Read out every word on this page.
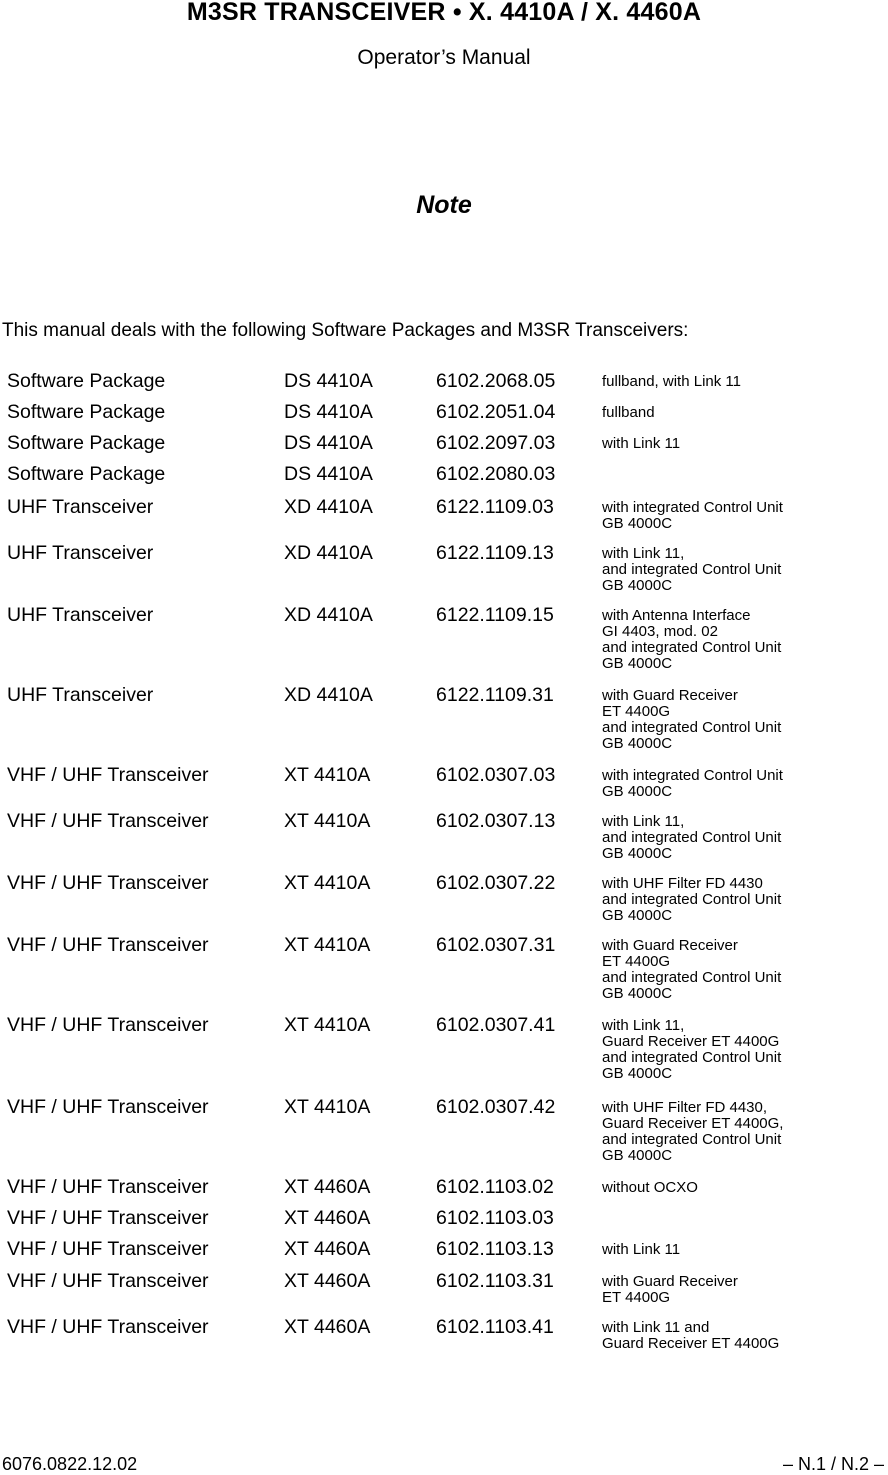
M3SR TRANSCEIVER • X. 4410A / X. 4460A
Operator’s Manual
Note
This manual deals with the following Software Packages and M3SR Transceivers:
Software Package	DS 4410A	6102.2068.05	fullband, with Link 11
Software Package	DS 4410A	6102.2051.04	fullband
Software Package	DS 4410A	6102.2097.03	with Link 11
Software Package	DS 4410A	6102.2080.03
UHF Transceiver	XD 4410A	6122.1109.03	with integrated Control Unit
GB 4000C
UHF Transceiver	XD 4410A	6122.1109.13	with Link 11,
and integrated Control Unit
GB 4000C
UHF Transceiver	XD 4410A	6122.1109.15	with Antenna Interface
GI 4403, mod. 02
and integrated Control Unit
GB 4000C
UHF Transceiver	XD 4410A	6122.1109.31	with Guard Receiver
ET 4400G
and integrated Control Unit
GB 4000C
VHF / UHF Transceiver	XT 4410A	6102.0307.03	with integrated Control Unit
GB 4000C
VHF / UHF Transceiver	XT 4410A	6102.0307.13	with Link 11,
and integrated Control Unit
GB 4000C
VHF / UHF Transceiver	XT 4410A	6102.0307.22	with UHF Filter FD 4430
and integrated Control Unit
GB 4000C
VHF / UHF Transceiver	XT 4410A	6102.0307.31	with Guard Receiver
ET 4400G
and integrated Control Unit
GB 4000C
VHF / UHF Transceiver	XT 4410A	6102.0307.41	with Link 11,
Guard Receiver ET 4400G
and integrated Control Unit
GB 4000C
VHF / UHF Transceiver	XT 4410A	6102.0307.42	with UHF Filter FD 4430,
Guard Receiver ET 4400G,
and integrated Control Unit
GB 4000C
VHF / UHF Transceiver	XT 4460A	6102.1103.02	without OCXO
VHF / UHF Transceiver	XT 4460A	6102.1103.03
VHF / UHF Transceiver	XT 4460A	6102.1103.13	with Link 11
VHF / UHF Transceiver	XT 4460A	6102.1103.31	with Guard Receiver
ET 4400G
VHF / UHF Transceiver	XT 4460A	6102.1103.41	with Link 11 and
Guard Receiver ET 4400G
6076.0822.12.02	– N.1 / N.2 –
